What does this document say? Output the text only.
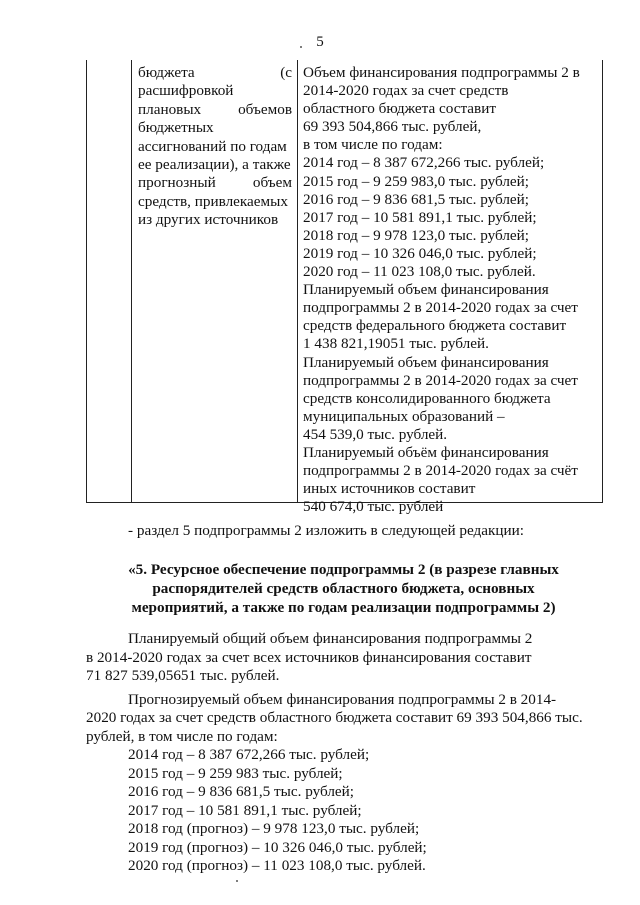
5
бюджета	(с
расшифровкой
плановых объемов
бюджетных
ассигнований по годам
ее реализации), а также
прогнозный объем
средств, привлекаемых
из других источников
Объем финансирования подпрограммы 2 в
2014-2020 годах за счет средств
областного бюджета составит
69 393 504,866 тыс. рублей,
в том числе по годам:
2014 год – 8 387 672,266 тыс. рублей;
2015 год – 9 259 983,0 тыс. рублей;
2016 год – 9 836 681,5 тыс. рублей;
2017 год – 10 581 891,1 тыс. рублей;
2018 год – 9 978 123,0 тыс. рублей;
2019 год – 10 326 046,0 тыс. рублей;
2020 год – 11 023 108,0 тыс. рублей.
Планируемый объем финансирования
подпрограммы 2 в 2014-2020 годах за счет
средств федерального бюджета составит
1 438 821,19051 тыс. рублей.
Планируемый объем финансирования
подпрограммы 2 в 2014-2020 годах за счет
средств консолидированного бюджета
муниципальных образований –
454 539,0 тыс. рублей.
Планируемый объём финансирования
подпрограммы 2 в 2014-2020 годах за счёт
иных источников составит
540 674,0 тыс. рублей
- раздел 5 подпрограммы 2 изложить в следующей редакции:
«5. Ресурсное обеспечение подпрограммы 2 (в разрезе главных
распорядителей средств областного бюджета, основных
мероприятий, а также по годам реализации подпрограммы 2)
Планируемый общий объем финансирования подпрограммы 2
в 2014-2020 годах за счет всех источников финансирования составит
71 827 539,05651 тыс. рублей.
Прогнозируемый объем финансирования подпрограммы 2 в 2014-
2020 годах за счет средств областного бюджета составит 69 393 504,866 тыс.
рублей, в том числе по годам:
2014 год – 8 387 672,266 тыс. рублей;
2015 год – 9 259 983 тыс. рублей;
2016 год – 9 836 681,5 тыс. рублей;
2017 год – 10 581 891,1 тыс. рублей;
2018 год (прогноз) – 9 978 123,0 тыс. рублей;
2019 год (прогноз) – 10 326 046,0 тыс. рублей;
2020 год (прогноз) – 11 023 108,0 тыс. рублей.
